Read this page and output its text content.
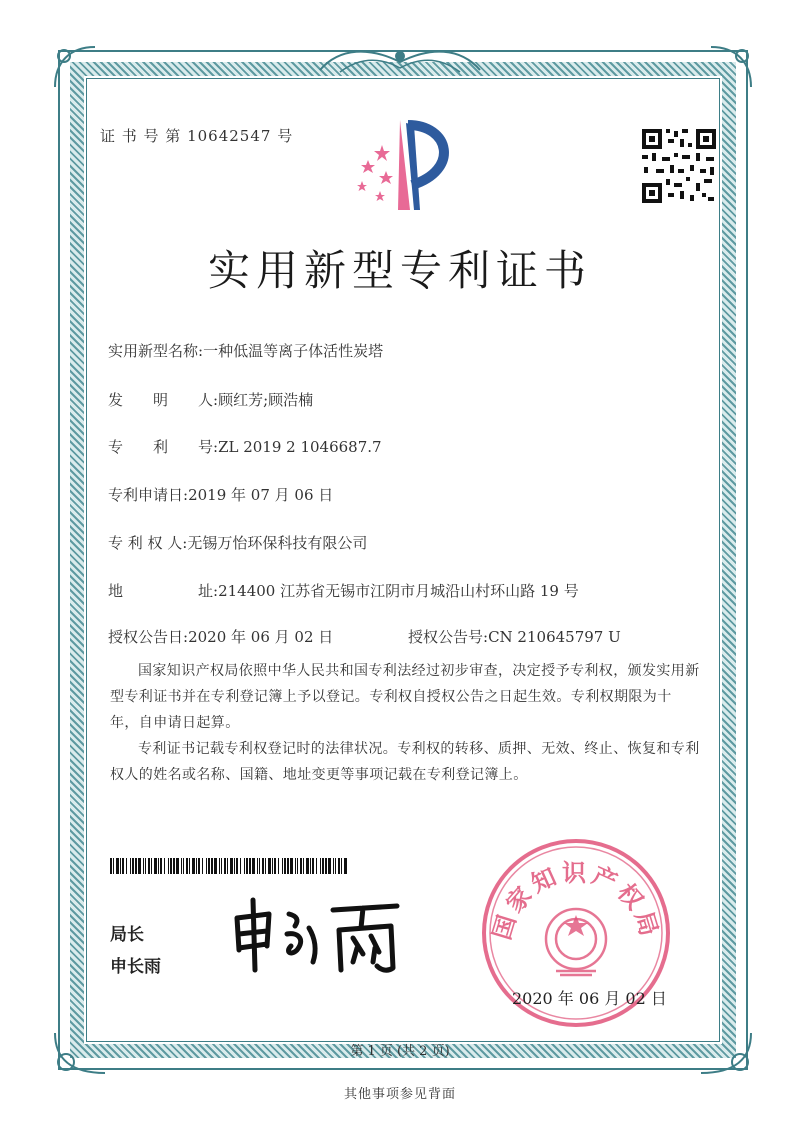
证 书 号 第 10642547 号
实用新型专利证书
实用新型名称:一种低温等离子体活性炭塔
发　　明　　人:顾红芳;顾浩楠
专　　利　　号:ZL 2019 2 1046687.7
专利申请日:2019 年 07 月 06 日
专 利 权 人:无锡万怡环保科技有限公司
地　　　　　址:214400 江苏省无锡市江阴市月城沿山村环山路 19 号
授权公告日:2020 年 06 月 02 日	授权公告号:CN 210645797 U
国家知识产权局依照中华人民共和国专利法经过初步审查，决定授予专利权，颁发实用新型专利证书并在专利登记簿上予以登记。专利权自授权公告之日起生效。专利权期限为十年，自申请日起算。
专利证书记载专利权登记时的法律状况。专利权的转移、质押、无效、终止、恢复和专利权人的姓名或名称、国籍、地址变更等事项记载在专利登记簿上。
局长
申长雨
国家知识产权局
2020 年 06 月 02 日
第 1 页 (共 2 页)
其他事项参见背面
